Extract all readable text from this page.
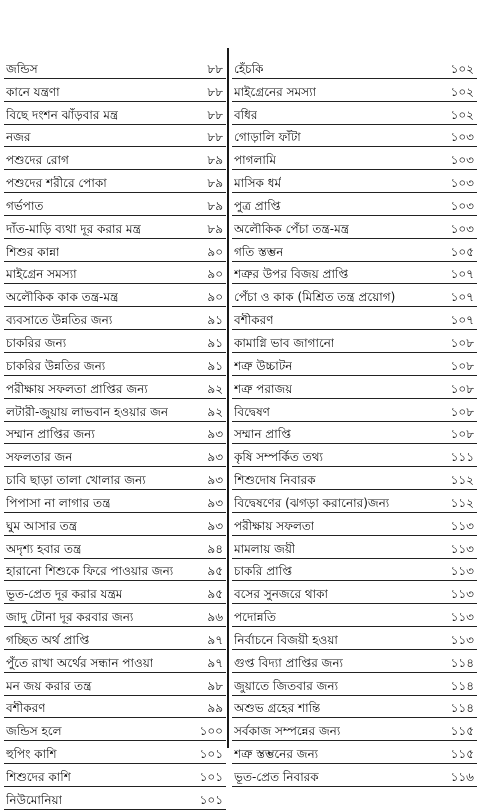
জন্ডিস	৮৮
কানে যন্ত্রণা	৮৮
বিছে দংশন ঝাঁড়বার মন্ত্র	৮৮
নজর	৮৮
পশুদের রোগ	৮৯
পশুদের শরীরে পোকা	৮৯
গর্ভপাত	৮৯
দাঁত-মাড়ি ব্যথা দূর করার মন্ত্র	৮৯
শিশুর কান্না	৯০
মাইগ্রেন সমস্যা	৯০
অলৌকিক কাক তন্ত্র-মন্ত্র	৯০
ব্যবসাতে উন্নতির জন্য	৯১
চাকরির জন্য	৯১
চাকরির উন্নতির জন্য	৯১
পরীক্ষায় সফলতা প্রাপ্তির জন্য	৯২
লটারী-জুয়ায় লাভবান হওয়ার জন	৯২
সম্মান প্রাপ্তির জন্য	৯৩
সফলতার জন	৯৩
চাবি ছাড়া তালা খোলার জন্য	৯৩
পিপাসা না লাগার তন্ত্র	৯৩
ঘুম আসার তন্ত্র	৯৩
অদৃশ্য হবার তন্ত্র	৯৪
হারানো শিশুকে ফিরে পাওয়ার জন্য	৯৫
ভূত-প্রেত দূর করার যন্ত্রম	৯৫
জাদু টোনা দূর করবার জন্য	৯৬
গচ্ছিত অর্থ প্রাপ্তি	৯৭
পুঁতে রাখা অর্থের সন্ধান পাওয়া	৯৭
মন জয় করার তন্ত্র	৯৮
বশীকরণ	৯৯
জন্ডিস হলে	১০০
হুপিং কাশি	১০১
শিশুদের কাশি	১০১
নিউমোনিয়া	১০১
হেঁচকি	১০২
মাইগ্রেনের সমস্যা	১০২
বধির	১০২
গোড়ালি ফাঁটা	১০৩
পাগলামি	১০৩
মাসিক ধর্ম	১০৩
পুত্র প্রাপ্তি	১০৩
অলৌকিক পেঁচা তন্ত্র-মন্ত্র	১০৩
গতি স্তম্ভন	১০৫
শত্রুর উপর বিজয় প্রাপ্তি	১০৭
পেঁচা ও কাক (মিশ্রিত তন্ত্র প্রয়োগ)	১০৭
বশীকরণ	১০৭
কামাগ্নি ভাব জাগানো	১০৮
শত্রু উচ্চাটন	১০৮
শত্রু পরাজয়	১০৮
বিদ্বেষণ	১০৮
সম্মান প্রাপ্তি	১০৮
কৃষি সম্পর্কিত তথ্য	১১১
শিশুদোষ নিবারক	১১২
বিদ্বেষণের (ঝগড়া করানোর)জন্য	১১২
পরীক্ষায় সফলতা	১১৩
মামলায় জয়ী	১১৩
চাকরি প্রাপ্তি	১১৩
বসের সুনজরে থাকা	১১৩
পদোন্নতি	১১৩
নির্বাচনে বিজয়ী হওয়া	১১৩
গুপ্ত বিদ্যা প্রাপ্তির জন্য	১১৪
জুয়াতে জিতবার জন্য	১১৪
অশুভ গ্রহের শান্তি	১১৪
সর্বকাজ সম্পন্নের জন্য	১১৫
শত্রু স্তম্ভনের জন্য	১১৫
ভূত-প্রেত নিবারক	১১৬
